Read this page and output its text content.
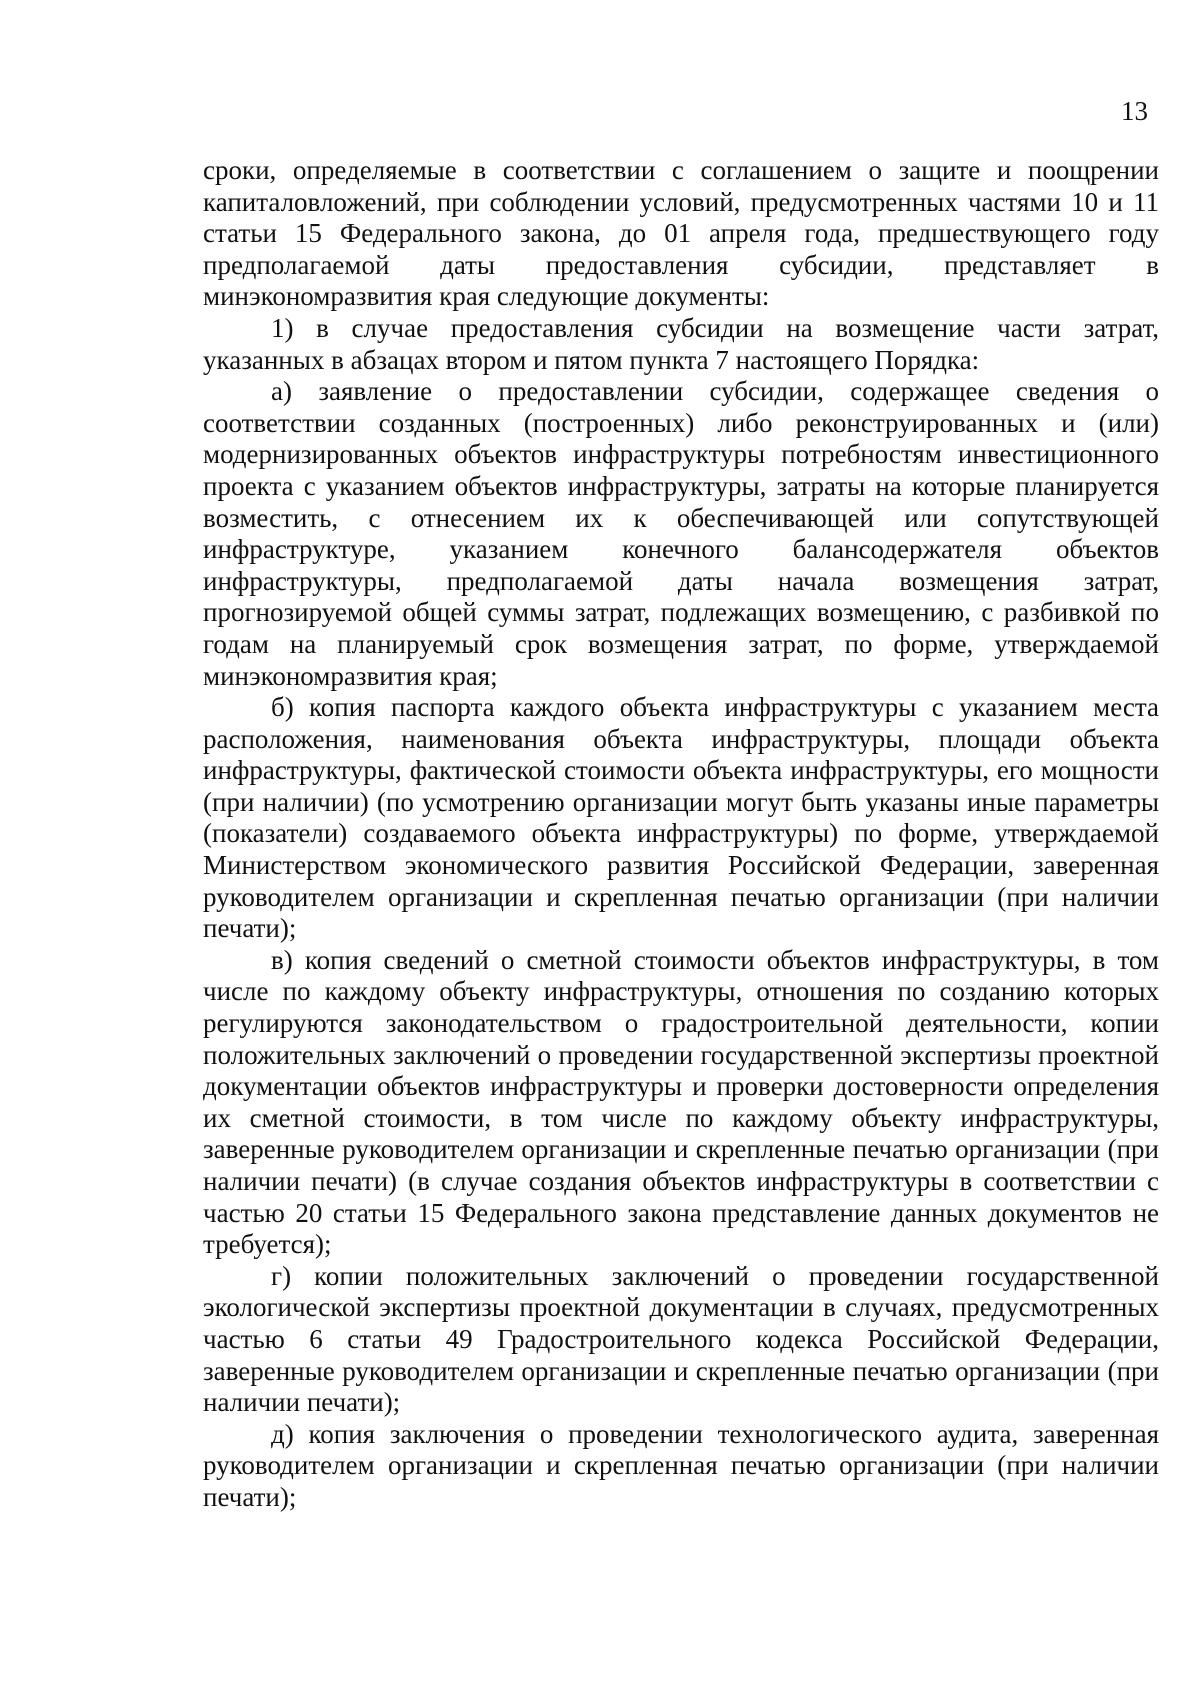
13

сроки, определяемые в соответствии с соглашением о защите и поощрении капиталовложений, при соблюдении условий, предусмотренных частями 10 и 11 статьи 15 Федерального закона, до 01 апреля года, предшествующего году предполагаемой даты предоставления субсидии, представляет в минэкономразвития края следующие документы:

1) в случае предоставления субсидии на возмещение части затрат, указанных в абзацах втором и пятом пункта 7 настоящего Порядка:

а) заявление о предоставлении субсидии, содержащее сведения о соответствии созданных (построенных) либо реконструированных и (или) модернизированных объектов инфраструктуры потребностям инвестиционного проекта с указанием объектов инфраструктуры, затраты на которые планируется возместить, с отнесением их к обеспечивающей или сопутствующей инфраструктуре, указанием конечного балансодержателя объектов инфраструктуры, предполагаемой даты начала возмещения затрат, прогнозируемой общей суммы затрат, подлежащих возмещению, с разбивкой по годам на планируемый срок возмещения затрат, по форме, утверждаемой минэкономразвития края;

б) копия паспорта каждого объекта инфраструктуры с указанием места расположения, наименования объекта инфраструктуры, площади объекта инфраструктуры, фактической стоимости объекта инфраструктуры, его мощности (при наличии) (по усмотрению организации могут быть указаны иные параметры (показатели) создаваемого объекта инфраструктуры) по форме, утверждаемой Министерством экономического развития Российской Федерации, заверенная руководителем организации и скрепленная печатью организации (при наличии печати);

в) копия сведений о сметной стоимости объектов инфраструктуры, в том числе по каждому объекту инфраструктуры, отношения по созданию которых регулируются законодательством о градостроительной деятельности, копии положительных заключений о проведении государственной экспертизы проектной документации объектов инфраструктуры и проверки достоверности определения их сметной стоимости, в том числе по каждому объекту инфраструктуры, заверенные руководителем организации и скрепленные печатью организации (при наличии печати) (в случае создания объектов инфраструктуры в соответствии с частью 20 статьи 15 Федерального закона представление данных документов не требуется);

г) копии положительных заключений о проведении государственной экологической экспертизы проектной документации в случаях, предусмотренных частью 6 статьи 49 Градостроительного кодекса Российской Федерации, заверенные руководителем организации и скрепленные печатью организации (при наличии печати);

д) копия заключения о проведении технологического аудита, заверенная руководителем организации и скрепленная печатью организации (при наличии печати);
